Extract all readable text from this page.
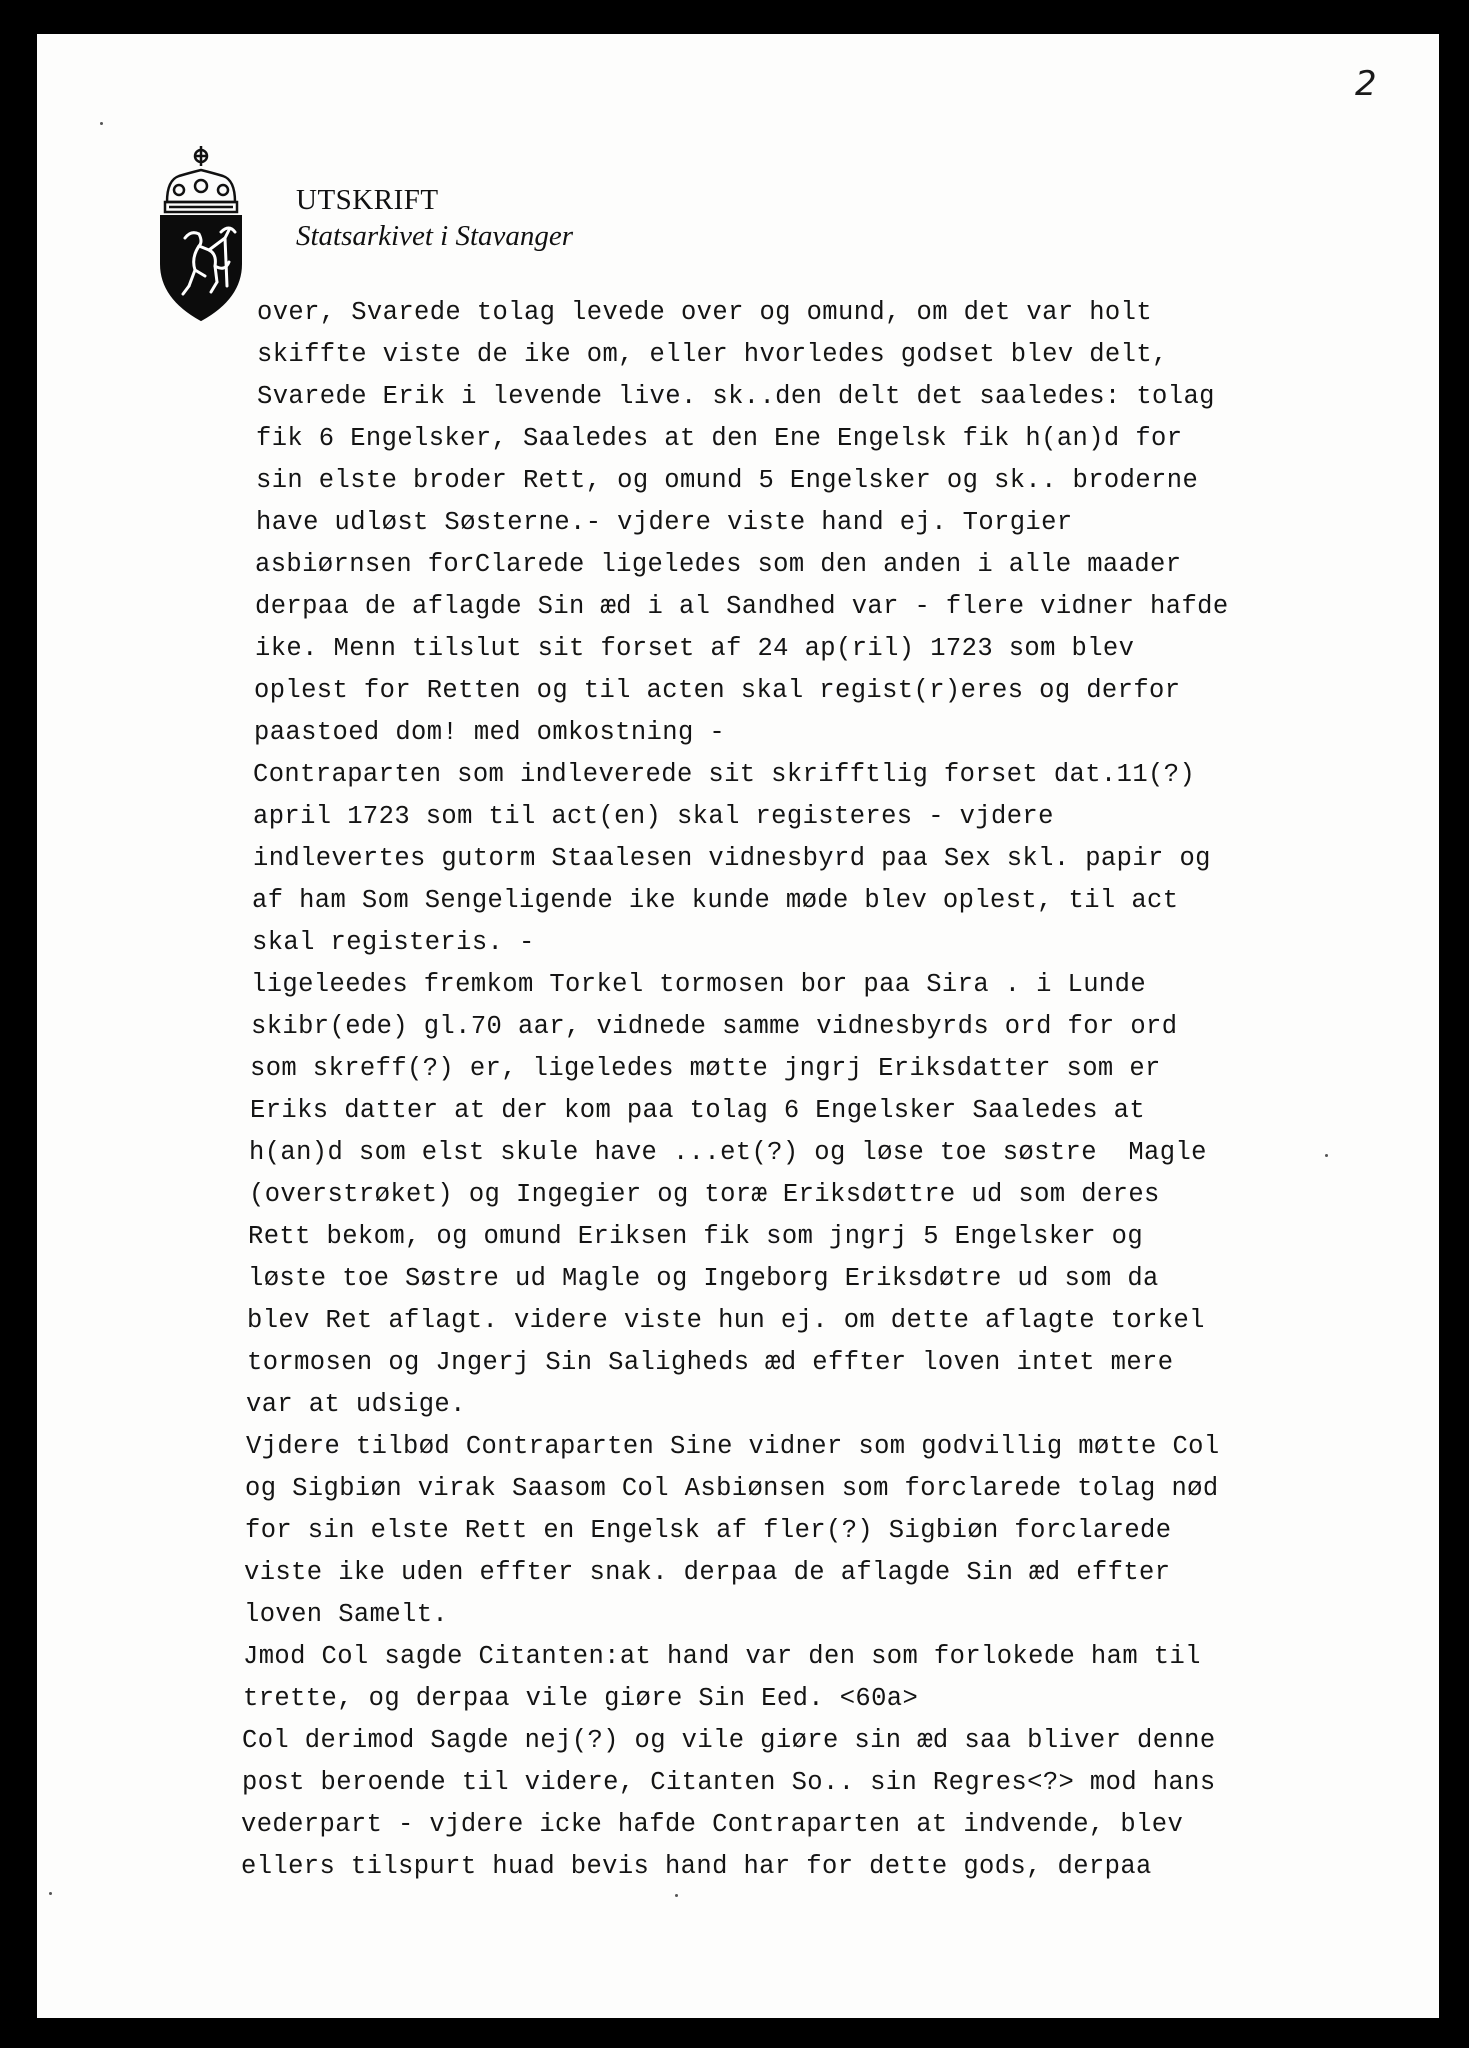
2
UTSKRIFT
Statsarkivet i Stavanger
over, Svarede tolag levede over og omund, om det var holt
skiffte viste de ike om, eller hvorledes godset blev delt,
Svarede Erik i levende live. sk..den delt det saaledes: tolag
fik 6 Engelsker, Saaledes at den Ene Engelsk fik h(an)d for
sin elste broder Rett, og omund 5 Engelsker og sk.. broderne
have udløst Søsterne.- vjdere viste hand ej. Torgier
asbiørnsen forClarede ligeledes som den anden i alle maader
derpaa de aflagde Sin æd i al Sandhed var - flere vidner hafde
ike. Menn tilslut sit forset af 24 ap(ril) 1723 som blev
oplest for Retten og til acten skal regist(r)eres og derfor
paastoed dom! med omkostning -
Contraparten som indleverede sit skrifftlig forset dat.11(?)
april 1723 som til act(en) skal registeres - vjdere
indlevertes gutorm Staalesen vidnesbyrd paa Sex skl. papir og
af ham Som Sengeligende ike kunde møde blev oplest, til act
skal registeris. -
ligeleedes fremkom Torkel tormosen bor paa Sira . i Lunde
skibr(ede) gl.70 aar, vidnede samme vidnesbyrds ord for ord
som skreff(?) er, ligeledes møtte jngrj Eriksdatter som er
Eriks datter at der kom paa tolag 6 Engelsker Saaledes at
h(an)d som elst skule have ...et(?) og løse toe søstre  Magle
(overstrøket) og Ingegier og toræ Eriksdøttre ud som deres
Rett bekom, og omund Eriksen fik som jngrj 5 Engelsker og
løste toe Søstre ud Magle og Ingeborg Eriksdøtre ud som da
blev Ret aflagt. videre viste hun ej. om dette aflagte torkel
tormosen og Jngerj Sin Saligheds æd effter loven intet mere
var at udsige.
Vjdere tilbød Contraparten Sine vidner som godvillig møtte Col
og Sigbiøn virak Saasom Col Asbiønsen som forclarede tolag nød
for sin elste Rett en Engelsk af fler(?) Sigbiøn forclarede
viste ike uden effter snak. derpaa de aflagde Sin æd effter
loven Samelt.
Jmod Col sagde Citanten:at hand var den som forlokede ham til
trette, og derpaa vile giøre Sin Eed. <60a>
Col derimod Sagde nej(?) og vile giøre sin æd saa bliver denne
post beroende til videre, Citanten So.. sin Regres<?> mod hans
vederpart - vjdere icke hafde Contraparten at indvende, blev
ellers tilspurt huad bevis hand har for dette gods, derpaa
